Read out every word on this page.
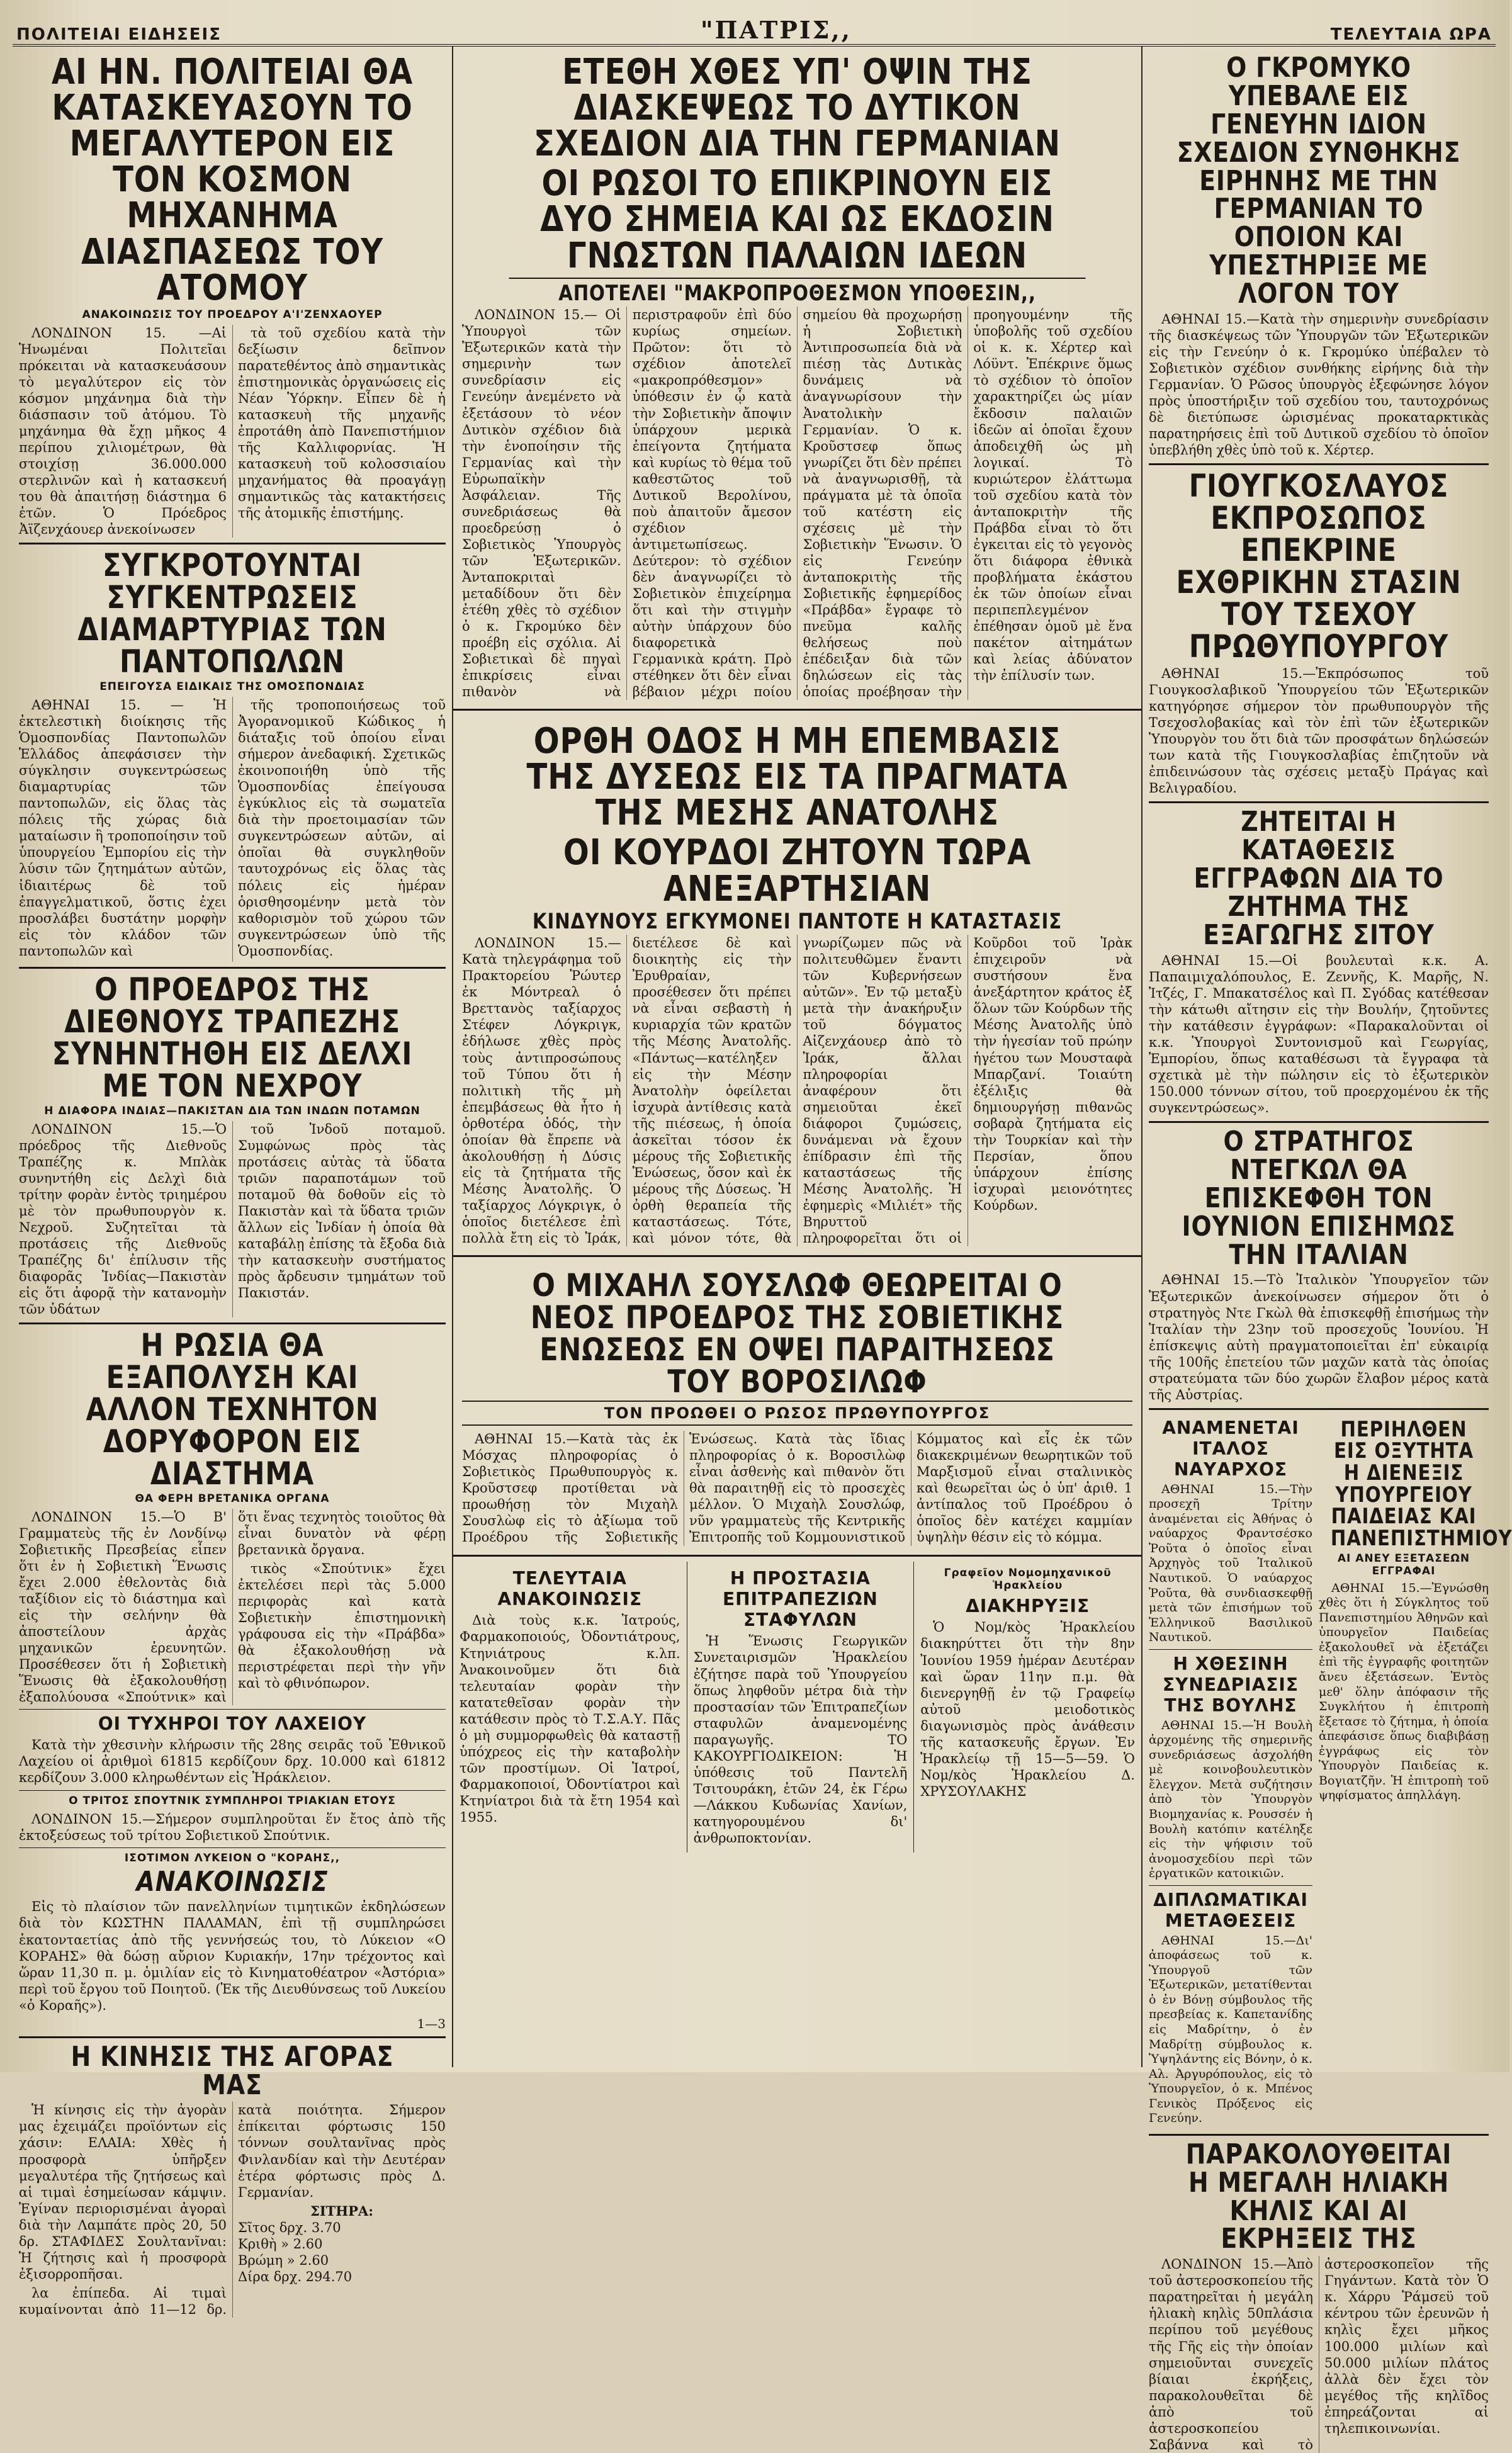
ΠΟΛΙΤΕΙΑΙ ΕΙΔΗΣΕΙΣ	"ΠΑΤΡΙΣ,,	ΤΕΛΕΥΤΑΙΑ ΩΡΑ
ΑΙ ΗΝ. ΠΟΛΙΤΕΙΑΙ ΘΑ ΚΑΤΑΣΚΕΥΑΣΟΥΝ ΤΟ ΜΕΓΑΛΥΤΕΡΟΝ ΕΙΣ ΤΟΝ ΚΟΣΜΟΝ ΜΗΧΑΝΗΜΑ ΔΙΑΣΠΑΣΕΩΣ ΤΟΥ ΑΤΟΜΟΥ
ΑΝΑΚΟΙΝΩΣΙΣ ΤΟΥ ΠΡΟΕΔΡΟΥ Α'Ι'ΖΕΝΧΑΟΥΕΡ

ΛΟΝΔΙΝΟΝ 15. —Αἱ Ἡνωμέναι Πολιτεῖαι πρόκειται νὰ κατασκευάσουν τὸ μεγαλύτερον εἰς τὸν κόσμον μηχάνημα διὰ τὴν διάσπασιν τοῦ ἀτόμου. Τὸ μηχάνημα θὰ ἔχῃ μῆκος 4 περίπου χιλιομέτρων, θὰ στοιχίσῃ 36.000.000 στερλινῶν καὶ ἡ κατασκευή του θὰ ἀπαιτήσῃ διάστημα 6 ἐτῶν. Ὁ Πρόεδρος Ἀϊζενχάουερ ἀνεκοίνωσεν

τὰ τοῦ σχεδίου κατὰ τὴν δεξίωσιν δεῖπνον παρατεθέντος ἀπὸ σημαντικὰς ἐπιστημονικὰς ὀργανώσεις εἰς Νέαν Ὑόρκην. Εἶπεν δὲ ἡ κατασκευὴ τῆς μηχανῆς ἐπροτάθη ἀπὸ Πανεπιστήμιον τῆς Καλλιφορνίας. Ἡ κατασκευὴ τοῦ κολοσσιαίου μηχανήματος θὰ προαγάγῃ σημαντικῶς τὰς κατακτήσεις τῆς ἀτομικῆς ἐπιστήμης.

ΣΥΓΚΡΟΤΟΥΝΤΑΙ ΣΥΓΚΕΝΤΡΩΣΕΙΣ ΔΙΑΜΑΡΤΥΡΙΑΣ ΤΩΝ ΠΑΝΤΟΠΩΛΩΝ
ΕΠΕΙΓΟΥΣΑ ΕΙΔΙΚΑΙΣ ΤΗΣ ΟΜΟΣΠΟΝΔΙΑΣ

ΑΘΗΝΑΙ 15. — Ἡ ἐκτελεστικὴ διοίκησις τῆς Ὁμοσπονδίας Παντοπωλῶν Ἑλλάδος ἀπεφάσισεν τὴν σύγκλησιν συγκεντρώσεως διαμαρτυρίας τῶν παντοπωλῶν, εἰς ὅλας τὰς πόλεις τῆς χώρας διὰ ματαίωσιν ἢ τροποποίησιν τοῦ ὑπουργείου Ἐμπορίου εἰς τὴν λύσιν τῶν ζητημάτων αὐτῶν, ἰδιαιτέρως δὲ τοῦ ἐπαγγελματικοῦ, ὅστις ἐχει προσλάβει δυστάτην μορφὴν εἰς τὸν κλάδον τῶν παντοπωλῶν καὶ

τῆς τροποποιήσεως τοῦ Ἀγορανομικοῦ Κώδικος ἡ διάταξις τοῦ ὁποίου εἶναι σήμερον ἀνεδαφική. Σχετικῶς ἐκοινοποιήθη ὑπὸ τῆς Ὁμοσπονδίας ἐπείγουσα ἐγκύκλιος εἰς τὰ σωματεῖα διὰ τὴν προετοιμασίαν τῶν συγκεντρώσεων αὐτῶν, αἱ ὁποῖαι θὰ συγκληθοῦν ταυτοχρόνως εἰς ὅλας τὰς πόλεις εἰς ἡμέραν ὁρισθησομένην μετὰ τὸν καθορισμὸν τοῦ χώρου τῶν συγκεντρώσεων ὑπὸ τῆς Ὁμοσπονδίας.

Ο ΠΡΟΕΔΡΟΣ ΤΗΣ ΔΙΕΘΝΟΥΣ ΤΡΑΠΕΖΗΣ ΣΥΝΗΝΤΗΘΗ ΕΙΣ ΔΕΛΧΙ ΜΕ ΤΟΝ ΝΕΧΡΟΥ
Η ΔΙΑΦΟΡΑ ΙΝΔΙΑΣ—ΠΑΚΙΣΤΑΝ ΔΙΑ ΤΩΝ ΙΝΔΩΝ ΠΟΤΑΜΩΝ

ΛΟΝΔΙΝΟΝ 15.—Ὁ πρόεδρος τῆς Διεθνοῦς Τραπέζης κ. Μπλὰκ συνηντήθη εἰς Δελχὶ διὰ τρίτην φορὰν ἐντὸς τριημέρου μὲ τὸν πρωθυπουργὸν κ. Νεχροῦ. Συζητεῖται τὰ προτάσεις τῆς Διεθνοῦς Τραπέζης δι' ἐπίλυσιν τῆς διαφορᾶς Ἰνδίας—Πακιστὰν εἰς ὅτι ἀφορᾷ τὴν κατανομὴν τῶν ὑδάτων

τοῦ Ἰνδοῦ ποταμοῦ. Συμφώνως πρὸς τὰς προτάσεις αὐτὰς τὰ ὕδατα τριῶν παραποτάμων τοῦ ποταμοῦ θὰ δοθοῦν εἰς τὸ Πακιστὰν καὶ τὰ ὕδατα τριῶν ἄλλων εἰς Ἰνδίαν ἡ ὁποία θὰ καταβάλῃ ἐπίσης τὰ ἔξοδα διὰ τὴν κατασκευὴν συστήματος πρὸς ἄρδευσιν τμημάτων τοῦ Πακιστάν.

Η ΡΩΣΙΑ ΘΑ ΕΞΑΠΟΛΥΣΗ ΚΑΙ ΑΛΛΟΝ ΤΕΧΝΗΤΟΝ ΔΟΡΥΦΟΡΟΝ ΕΙΣ ΔΙΑΣΤΗΜΑ
ΘΑ ΦΕΡΗ ΒΡΕΤΑΝΙΚΑ ΟΡΓΑΝΑ

ΛΟΝΔΙΝΟΝ 15.—Ὁ Β' Γραμματεὺς τῆς ἐν Λονδίνῳ Σοβιετικῆς Πρεσβείας εἶπεν ὅτι ἐν ἡ Σοβιετικὴ Ἕνωσις ἔχει 2.000 ἐθελοντὰς διὰ ταξίδιον εἰς τὸ διάστημα καὶ εἰς τὴν σελήνην θὰ ἀποστείλουν ἀρχὰς μηχανικῶν ἐρευνητῶν. Προσέθεσεν ὅτι ἡ Σοβιετικὴ Ἕνωσις θὰ ἐξακολουθήσῃ ἐξαπολύουσα «Σπούτνικ» καὶ ὅτι ἕνας τεχνητὸς τοιοῦτος θὰ εἶναι δυνατὸν νὰ φέρῃ βρετανικὰ ὄργανα.

τικὸς «Σπούτνικ» ἔχει ἐκτελέσει περὶ τὰς 5.000 περιφορὰς καὶ κατὰ Σοβιετικὴν ἐπιστημονικὴ γράφουσα εἰς τὴν «Πράβδα» θὰ ἐξακολουθήσῃ νὰ περιστρέφεται περὶ τὴν γῆν καὶ τὸ φθινόπωρον.

ΟΙ ΤΥΧΗΡΟΙ ΤΟΥ ΛΑΧΕΙΟΥ

Κατὰ τὴν χθεσινὴν κλήρωσιν τῆς 28ης σειρᾶς τοῦ Ἐθνικοῦ Λαχείου οἱ ἀριθμοὶ 61815 κερδίζουν δρχ. 10.000 καὶ 61812 κερδίζουν 3.000 κληρωθέντων εἰς Ἡράκλειον.

Ο ΤΡΙΤΟΣ ΣΠΟΥΤΝΙΚ ΣΥΜΠΛΗΡΟΙ ΤΡΙΑΚΙΑΝ ΕΤΟΥΣ

ΛΟΝΔΙΝΟΝ 15.—Σήμερον συμπληροῦται ἕν ἔτος ἀπὸ τῆς ἐκτοξεύσεως τοῦ τρίτου Σοβιετικοῦ Σπούτνικ.

ΙΣΟΤΙΜΟΝ ΛΥΚΕΙΟΝ Ο "ΚΟΡΑΗΣ,,
ΑΝΑΚΟΙΝΩΣΙΣ

Εἰς τὸ πλαίσιον τῶν πανελληνίων τιμητικῶν ἐκδηλώσεων διὰ τὸν ΚΩΣΤΗΝ ΠΑΛΑΜΑΝ, ἐπὶ τῇ συμπληρώσει ἑκατονταετίας ἀπὸ τῆς γεννήσεώς του, τὸ Λύκειον «Ο ΚΟΡΑΗΣ» θὰ δώσῃ αὔριον Κυριακήν, 17ην τρέχοντος καὶ ὥραν 11,30 π. μ. ὁμιλίαν εἰς τὸ Κινηματοθέατρον «Ἀστόρια» περὶ τοῦ ἔργου τοῦ Ποιητοῦ. (Ἐκ τῆς Διευθύνσεως τοῦ Λυκείου «ὁ Κοραῆς»).

1—3
Η ΚΙΝΗΣΙΣ ΤΗΣ ΑΓΟΡΑΣ ΜΑΣ

Ἡ κίνησις εἰς τὴν ἀγορὰν μας ἐχειμάζει προϊόντων εἰς χάσιν: ΕΛΑΙΑ: Χθὲς ἡ προσφορὰ ὑπῆρξεν μεγαλυτέρα τῆς ζητήσεως καὶ αἱ τιμαὶ ἐσημείωσαν κάμψιν. Ἐγίναν περιορισμέναι ἀγοραὶ διὰ τὴν Λαμπάτε πρὸς 20, 50 δρ. ΣΤΑΦΙΔΕΣ Σουλτανῖναι: Ἡ ζήτησις καὶ ἡ προσφορὰ ἐξισορροπῆσαι.

λα ἐπίπεδα. Αἱ τιμαὶ κυμαίνονται ἀπὸ 11—12 δρ. κατὰ ποιότητα. Σήμερον ἐπίκειται φόρτωσις 150 τόννων σουλτανῖνας πρὸς Φινλανδίαν καὶ τὴν Δευτέραν ἑτέρα φόρτωσις πρὸς Δ. Γερμανίαν.

ΣΙΤΗΡΑ:
Σῖτος δρχ. 3.70
Κριθὴ » 2.60
Βρώμη » 2.60
Δίρα δρχ. 294.70
ΕΤΕΘΗ ΧΘΕΣ ΥΠ' ΟΨΙΝ ΤΗΣ ΔΙΑΣΚΕΨΕΩΣ ΤΟ ΔΥΤΙΚΟΝ ΣΧΕΔΙΟΝ ΔΙΑ ΤΗΝ ΓΕΡΜΑΝΙΑΝ
ΟΙ ΡΩΣΟΙ ΤΟ ΕΠΙΚΡΙΝΟΥΝ ΕΙΣ ΔΥΟ ΣΗΜΕΙΑ ΚΑΙ ΩΣ ΕΚΔΟΣΙΝ ΓΝΩΣΤΩΝ ΠΑΛΑΙΩΝ ΙΔΕΩΝ
ΑΠΟΤΕΛΕΙ "ΜΑΚΡΟΠΡΟΘΕΣΜΟΝ ΥΠΟΘΕΣΙΝ,,

ΛΟΝΔΙΝΟΝ 15.— Οἱ Ὑπουργοὶ τῶν Ἐξωτερικῶν κατὰ τὴν σημερινὴν των συνεδρίασιν εἰς Γενεύην ἀνεμένετο νὰ ἐξετάσουν τὸ νέον Δυτικὸν σχέδιον διὰ τὴν ἑνοποίησιν τῆς Γερμανίας καὶ τὴν Εὐρωπαϊκὴν Ἀσφάλειαν. Τῆς συνεδριάσεως θὰ προεδρεύσῃ ὁ Σοβιετικὸς Ὑπουργὸς τῶν Ἐξωτερικῶν. Ἀνταποκριταὶ μεταδίδουν ὅτι δὲν ἐτέθη χθὲς τὸ σχέδιον ὁ κ. Γκρομύκο δὲν προέβη εἰς σχόλια. Αἱ Σοβιετικαὶ δὲ πηγαὶ ἐπικρίσεις εἶναι πιθανὸν νὰ περιστραφοῦν ἐπὶ δύο κυρίως σημείων. Πρῶτον: ὅτι τὸ σχέδιον ἀποτελεῖ «μακροπρόθεσμον» ὑπόθεσιν ἐν ᾧ κατὰ τὴν Σοβιετικὴν ἄποψιν ὑπάρχουν μερικὰ ἐπείγοντα ζητήματα καὶ κυρίως τὸ θέμα τοῦ καθεστῶτος τοῦ Δυτικοῦ Βερολίνου, ποὺ ἀπαιτοῦν ἄμεσον σχέδιον ἀντιμετωπίσεως. Δεύτερον: τὸ σχέδιον δὲν ἀναγνωρίζει τὸ Σοβιετικὸν ἐπιχείρημα ὅτι καὶ τὴν στιγμὴν αὐτὴν ὑπάρχουν δύο διαφορετικὰ Γερμανικὰ κράτη. Πρὸ στέθηκεν ὅτι δὲν εἶναι βέβαιον μέχρι ποίου σημείου θὰ προχωρήσῃ ἡ Σοβιετικὴ Ἀντιπροσωπεία διὰ νὰ πιέσῃ τὰς Δυτικὰς δυνάμεις νὰ ἀναγνωρίσουν τὴν Ἀνατολικὴν Γερμανίαν. Ὁ κ. Κροῦστσεφ ὅπως γνωρίζει ὅτι δὲν πρέπει νὰ ἀναγνωρισθῇ, τὰ πράγματα μὲ τὰ ὁποῖα τοῦ κατέστη εἰς σχέσεις μὲ τὴν Σοβιετικὴν Ἕνωσιν. Ὁ εἰς Γενεύην ἀνταποκριτὴς τῆς Σοβιετικῆς ἐφημερίδος «Πράβδα» ἔγραφε τὸ πνεῦμα καλῆς θελήσεως ποὺ ἐπέδειξαν διὰ τῶν δηλώσεων εἰς τὰς ὁποίας προέβησαν τὴν προηγουμένην τῆς ὑποβολῆς τοῦ σχεδίου οἱ κ. κ. Χέρτερ καὶ Λόϋντ. Ἐπέκρινε ὅμως τὸ σχέδιον τὸ ὁποῖον χαρακτηρίζει ὡς μίαν ἔκδοσιν παλαιῶν ἰδεῶν αἱ ὁποῖαι ἔχουν ἀποδειχθῆ ὡς μὴ λογικαί. Τὸ κυριώτερον ἐλάττωμα τοῦ σχεδίου κατὰ τὸν ἀνταποκριτὴν τῆς Πράβδα εἶναι τὸ ὅτι ἐγκειται εἰς τὸ γεγονὸς ὅτι διάφορα ἐθνικὰ προβλήματα ἑκάστου ἐκ τῶν ὁποίων εἶναι περιπεπλεγμένον ἐπέθησαν ὁμοῦ μὲ ἕνα πακέτον αἰτημάτων καὶ λείας ἀδύνατον τὴν ἐπίλυσίν των.

ΟΡΘΗ ΟΔΟΣ Η ΜΗ ΕΠΕΜΒΑΣΙΣ ΤΗΣ ΔΥΣΕΩΣ ΕΙΣ ΤΑ ΠΡΑΓΜΑΤΑ ΤΗΣ ΜΕΣΗΣ ΑΝΑΤΟΛΗΣ
ΟΙ ΚΟΥΡΔΟΙ ΖΗΤΟΥΝ ΤΩΡΑ ΑΝΕΞΑΡΤΗΣΙΑΝ
ΚΙΝΔΥΝΟΥΣ ΕΓΚΥΜΟΝΕΙ ΠΑΝΤΟΤΕ Η ΚΑΤΑΣΤΑΣΙΣ

ΛΟΝΔΙΝΟΝ 15.—Κατὰ τηλεγράφημα τοῦ Πρακτορείου Ῥώυτερ ἐκ Μόντρεαλ ὁ Βρεττανὸς ταξίαρχος Στέφεν Λόγκριγκ, ἐδήλωσε χθὲς πρὸς τοὺς ἀντιπροσώπους τοῦ Τύπου ὅτι ἡ πολιτικὴ τῆς μὴ ἐπεμβάσεως θὰ ἦτο ἡ ὀρθοτέρα ὁδός, τὴν ὁποίαν θὰ ἔπρεπε νὰ ἀκολουθήσῃ ἡ Δύσις εἰς τὰ ζητήματα τῆς Μέσης Ἀνατολῆς. Ὁ ταξίαρχος Λόγκριγκ, ὁ ὁποῖος διετέλεσε ἐπὶ πολλὰ ἔτη εἰς τὸ Ἰράκ, διετέλεσε δὲ καὶ διοικητὴς εἰς τὴν Ἐρυθραίαν, προσέθεσεν ὅτι πρέπει νὰ εἶναι σεβαστὴ ἡ κυριαρχία τῶν κρατῶν τῆς Μέσης Ἀνατολῆς. «Πάντως—κατέληξεν εἰς τὴν Μέσην Ἀνατολὴν ὁφείλεται ἰσχυρὰ ἀντίθεσις κατὰ τῆς πιέσεως, ἡ ὁποία ἀσκεῖται τόσον ἐκ μέρους τῆς Σοβιετικῆς Ἑνώσεως, ὅσον καὶ ἐκ μέρους τῆς Δύσεως. Ἡ ὀρθὴ θεραπεία τῆς καταστάσεως. Τότε, καὶ μόνον τότε, θὰ γνωρίζωμεν πῶς νὰ πολιτευθῶμεν ἔναντι τῶν Κυβερνήσεων αὐτῶν». Ἐν τῷ μεταξὺ μετὰ τὴν ἀνακήρυξιν τοῦ δόγματος Αἰζενχάουερ ἀπὸ τὸ Ἰράκ, ἄλλαι πληροφορίαι ἀναφέρουν ὅτι σημειοῦται ἐκεῖ διάφοροι ζυμώσεις, δυνάμεναι νὰ ἔχουν ἐπίδρασιν ἐπὶ τῆς καταστάσεως τῆς Μέσης Ἀνατολῆς. Ἡ ἐφημερὶς «Μιλιέτ» τῆς Βηρυττοῦ πληροφορεῖται ὅτι οἱ Κοῦρδοι τοῦ Ἰρὰκ ἐπιχειροῦν νὰ συστήσουν ἕνα ἀνεξάρτητον κράτος ἐξ ὅλων τῶν Κούρδων τῆς Μέσης Ἀνατολῆς ὑπὸ τὴν ἡγεσίαν τοῦ πρώην ἡγέτου των Μουσταφὰ Μπαρζανί. Τοιαύτη ἐξέλιξις θὰ δημιουργήσῃ πιθανῶς σοβαρὰ ζητήματα εἰς τὴν Τουρκίαν καὶ τὴν Περσίαν, ὅπου ὑπάρχουν ἐπίσης ἰσχυραὶ μειονότητες Κούρδων.

Ο ΜΙΧΑΗΛ ΣΟΥΣΛΩΦ ΘΕΩΡΕΙΤΑΙ Ο ΝΕΟΣ ΠΡΟΕΔΡΟΣ ΤΗΣ ΣΟΒΙΕΤΙΚΗΣ ΕΝΩΣΕΩΣ ΕΝ ΟΨΕΙ ΠΑΡΑΙΤΗΣΕΩΣ ΤΟΥ ΒΟΡΟΣΙΛΩΦ
ΤΟΝ ΠΡΟΩΘΕΙ Ο ΡΩΣΟΣ ΠΡΩΘΥΠΟΥΡΓΟΣ

ΑΘΗΝΑΙ 15.—Κατὰ τὰς ἐκ Μόσχας πληροφορίας ὁ Σοβιετικὸς Πρωθυπουργὸς κ. Κροῦστσεφ προτίθεται νὰ προωθήσῃ τὸν Μιχαὴλ Σουσλὼφ εἰς τὸ ἀξίωμα τοῦ Προέδρου τῆς Σοβιετικῆς Ἑνώσεως. Κατὰ τὰς ἴδιας πληροφορίας ὁ κ. Βοροσιλὼφ εἶναι ἀσθενὴς καὶ πιθανὸν ὅτι θὰ παραιτηθῇ εἰς τὸ προσεχὲς μέλλον. Ὁ Μιχαὴλ Σουσλώφ, νῦν γραμματεὺς τῆς Κεντρικῆς Ἐπιτροπῆς τοῦ Κομμουνιστικοῦ Κόμματος καὶ εἷς ἐκ τῶν διακεκριμένων θεωρητικῶν τοῦ Μαρξισμοῦ εἶναι σταλινικὸς καὶ θεωρεῖται ὡς ὁ ὑπ' ἀριθ. 1 ἀντίπαλος τοῦ Προέδρου ὁ ὁποῖος δὲν κατέχει καμμίαν ὑψηλὴν θέσιν εἰς τὸ κόμμα.

ΤΕΛΕΥΤΑΙΑ ΑΝΑΚΟΙΝΩΣΙΣ

Διὰ τοὺς κ.κ. Ἰατρούς, Φαρμακοποιούς, Ὀδοντιάτρους, Κτηνιάτρους κ.λπ. Ἀνακοινοῦμεν ὅτι διὰ τελευταίαν φορὰν τὴν κατατεθεῖσαν φορὰν τὴν κατάθεσιν πρὸς τὸ Τ.Σ.Α.Υ. Πᾶς ὁ μὴ συμμορφωθεὶς θὰ καταστῇ ὑπόχρεος εἰς τὴν καταβολὴν τῶν προστίμων. Οἱ Ἰατροί, Φαρμακοποιοί, Ὀδοντίατροι καὶ Κτηνίατροι διὰ τὰ ἔτη 1954 καὶ 1955.

Η ΠΡΟΣΤΑΣΙΑ ΕΠΙΤΡΑΠΕΖΙΩΝ ΣΤΑΦΥΛΩΝ

Ἡ Ἕνωσις Γεωργικῶν Συνεταιρισμῶν Ἡρακλείου ἐζήτησε παρὰ τοῦ Ὑπουργείου ὅπως ληφθοῦν μέτρα διὰ τὴν προστασίαν τῶν Ἐπιτραπεζίων σταφυλῶν ἀναμενομένης παραγωγῆς. ΤΟ ΚΑΚΟΥΡΓΙΟΔΙΚΕΙΟΝ: Ἡ ὑπόθεσις τοῦ Παντελῆ Τσιτουράκη, ἐτῶν 24, ἐκ Γέρω—Λάκκου Κυδωνίας Χανίων, κατηγορουμένου δι' ἀνθρωποκτονίαν.

Γραφεῖον Νομομηχανικοῦ Ἡρακλείου
ΔΙΑΚΗΡΥΞΙΣ

Ὁ Νομ/κὸς Ἡρακλείου διακηρύττει ὅτι τὴν 8ην Ἰουνίου 1959 ἡμέραν Δευτέραν καὶ ὥραν 11ην π.μ. θὰ διενεργηθῇ ἐν τῷ Γραφείῳ αὐτοῦ μειοδοτικὸς διαγωνισμὸς πρὸς ἀνάθεσιν τῆς κατασκευῆς ἔργων. Ἐν Ἡρακλείῳ τῇ 15—5—59. Ὁ Νομ/κὸς Ἡρακλείου Δ. ΧΡΥΣΟΥΛΑΚΗΣ

Ο ΓΚΡΟΜΥΚΟ ΥΠΕΒΑΛΕ ΕΙΣ ΓΕΝΕΥΗΝ ΙΔΙΟΝ ΣΧΕΔΙΟΝ ΣΥΝΘΗΚΗΣ ΕΙΡΗΝΗΣ ΜΕ ΤΗΝ ΓΕΡΜΑΝΙΑΝ ΤΟ ΟΠΟΙΟΝ ΚΑΙ ΥΠΕΣΤΗΡΙΞΕ ΜΕ ΛΟΓΟΝ ΤΟΥ

ΑΘΗΝΑΙ 15.—Κατὰ τὴν σημερινὴν συνεδρίασιν τῆς διασκέψεως τῶν Ὑπουργῶν τῶν Ἐξωτερικῶν εἰς τὴν Γενεύην ὁ κ. Γκρομύκο ὑπέβαλεν τὸ Σοβιετικὸν σχέδιον συνθήκης εἰρήνης διὰ τὴν Γερμανίαν. Ὁ Ρῶσος ὑπουργὸς ἐξεφώνησε λόγον πρὸς ὑποστήριξιν τοῦ σχεδίου του, ταυτοχρόνως δὲ διετύπωσε ὡρισμένας προκαταρκτικὰς παρατηρήσεις ἐπὶ τοῦ Δυτικοῦ σχεδίου τὸ ὁποῖον ὑπεβλήθη χθὲς ὑπὸ τοῦ κ. Χέρτερ.

ΓΙΟΥΓΚΟΣΛΑΥΟΣ ΕΚΠΡΟΣΩΠΟΣ ΕΠΕΚΡΙΝΕ ΕΧΘΡΙΚΗΝ ΣΤΑΣΙΝ ΤΟΥ ΤΣΕΧΟΥ ΠΡΩΘΥΠΟΥΡΓΟΥ

ΑΘΗΝΑΙ 15.—Ἐκπρόσωπος τοῦ Γιουγκοσλαβικοῦ Ὑπουργείου τῶν Ἐξωτερικῶν κατηγόρησε σήμερον τὸν πρωθυπουργὸν τῆς Τσεχοσλοβακίας καὶ τὸν ἐπὶ τῶν ἐξωτερικῶν Ὑπουργὸν του ὅτι διὰ τῶν προσφάτων δηλώσεών των κατὰ τῆς Γιουγκοσλαβίας ἐπιζητοῦν νὰ ἐπιδεινώσουν τὰς σχέσεις μεταξὺ Πράγας καὶ Βελιγραδίου.

ΖΗΤΕΙΤΑΙ Η ΚΑΤΑΘΕΣΙΣ ΕΓΓΡΑΦΩΝ ΔΙΑ ΤΟ ΖΗΤΗΜΑ ΤΗΣ ΕΞΑΓΩΓΗΣ ΣΙΤΟΥ

ΑΘΗΝΑΙ 15.—Οἱ βουλευταὶ κ.κ. Α. Παπαιμιχαλόπουλος, Ε. Ζεννῆς, Κ. Μαρῆς, Ν. Ἰτζές, Γ. Μπακατσέλος καὶ Π. Σγόδας κατέθεσαν τὴν κάτωθι αἴτησιν εἰς τὴν Βουλήν, ζητοῦντες τὴν κατάθεσιν ἐγγράφων: «Παρακαλοῦνται οἱ κ.κ. Ὑπουργοὶ Συντονισμοῦ καὶ Γεωργίας, Ἐμπορίου, ὅπως καταθέσωσι τὰ ἔγγραφα τὰ σχετικὰ μὲ τὴν πώλησιν εἰς τὸ ἐξωτερικὸν 150.000 τόννων σίτου, τοῦ προερχομένου ἐκ τῆς συγκεντρώσεως».

Ο ΣΤΡΑΤΗΓΟΣ ΝΤΕΓΚΩΛ ΘΑ ΕΠΙΣΚΕΦΘΗ ΤΟΝ ΙΟΥΝΙΟΝ ΕΠΙΣΗΜΩΣ ΤΗΝ ΙΤΑΛΙΑΝ

ΑΘΗΝΑΙ 15.—Τὸ Ἰταλικὸν Ὑπουργεῖον τῶν Ἐξωτερικῶν ἀνεκοίνωσεν σήμερον ὅτι ὁ στρατηγὸς Ντε Γκὼλ θὰ ἐπισκεφθῇ ἐπισήμως τὴν Ἰταλίαν τὴν 23ην τοῦ προσεχοῦς Ἰουνίου. Ἡ ἐπίσκεψις αὐτὴ πραγματοποιεῖται ἐπ' εὐκαιρίᾳ τῆς 100ῆς ἐπετείου τῶν μαχῶν κατὰ τὰς ὁποίας στρατεύματα τῶν δύο χωρῶν ἔλαβον μέρος κατὰ τῆς Αὐστρίας.

ΑΝΑΜΕΝΕΤΑΙ ΙΤΑΛΟΣ ΝΑΥΑΡΧΟΣ

ΑΘΗΝΑΙ 15.—Τὴν προσεχῆ Τρίτην ἀναμένεται εἰς Ἀθήνας ὁ ναύαρχος Φραντσέσκο Ῥοῦτα ὁ ὁποῖος εἶναι Ἀρχηγὸς τοῦ Ἰταλικοῦ Ναυτικοῦ. Ὁ ναύαρχος Ῥοῦτα, θὰ συνδιασκεφθῇ μετὰ τῶν ἐπισήμων τοῦ Ἑλληνικοῦ Βασιλικοῦ Ναυτικοῦ.

Η ΧΘΕΣΙΝΗ ΣΥΝΕΔΡΙΑΣΙΣ ΤΗΣ ΒΟΥΛΗΣ

ΑΘΗΝΑΙ 15.—Ἡ Βουλὴ ἀρχομένης τῆς σημερινῆς συνεδριάσεως ἀσχολήθη μὲ κοινοβουλευτικὸν ἔλεγχον. Μετὰ συζήτησιν ἀπὸ τὸν Ὑπουργὸν Βιομηχανίας κ. Ρουσσέν ἡ Βουλὴ κατόπιν κατέληξε εἰς τὴν ψήφισιν τοῦ ἀνομοσχεδίου περὶ τῶν ἐργατικῶν κατοικιῶν.

ΔΙΠΛΩΜΑΤΙΚΑΙ ΜΕΤΑΘΕΣΕΙΣ

ΑΘΗΝΑΙ 15.—Δι' ἀποφάσεως τοῦ κ. Ὑπουργοῦ τῶν Ἐξωτερικῶν, μετατίθενται ὁ ἐν Βόνῃ σύμβουλος τῆς πρεσβείας κ. Καπετανίδης εἰς Μαδρίτην, ὁ ἐν Μαδρίτῃ σύμβουλος κ. Ὑψηλάντης εἰς Βόνην, ὁ κ. Αλ. Ἀργυρόπουλος, εἰς τὸ Ὑπουργεῖον, ὁ κ. Μπένος Γενικὸς Πρόξενος εἰς Γενεύην.

ΠΕΡΙΗΛΘΕΝ ΕΙΣ ΟΞΥΤΗΤΑ Η ΔΙΕΝΕΞΙΣ ΥΠΟΥΡΓΕΙΟΥ ΠΑΙΔΕΙΑΣ ΚΑΙ ΠΑΝΕΠΙΣΤΗΜΙΟΥ
ΑΙ ΑΝΕΥ ΕΞΕΤΑΣΕΩΝ ΕΓΓΡΑΦΑΙ

ΑΘΗΝΑΙ 15.—Ἐγνώσθη χθὲς ὅτι ἡ Σύγκλητος τοῦ Πανεπιστημίου Ἀθηνῶν καὶ ὑπουργεῖον Παιδείας ἐξακολουθεῖ νὰ ἐξετάζει ἐπὶ τῆς ἐγγραφῆς φοιτητῶν ἄνευ ἐξετάσεων. Ἐντὸς μεθ' ὅλην ἀπόφασιν τῆς Συγκλήτου ἡ ἐπιτροπὴ ἔξετασε τὸ ζήτημα, ἡ ὁποία ἀπεφάσισε ὅπως διαβιβάσῃ ἐγγράφως εἰς τὸν Ὑπουργὸν Παιδείας κ. Βογιατζῆν. Ἡ ἐπιτροπὴ τοῦ ψηφίσματος ἀπηλλάγη.

ΠΑΡΑΚΟΛΟΥΘΕΙΤΑΙ Η ΜΕΓΑΛΗ ΗΛΙΑΚΗ ΚΗΛΙΣ ΚΑΙ ΑΙ ΕΚΡΗΞΕΙΣ ΤΗΣ

ΛΟΝΔΙΝΟΝ 15.—Ἀπὸ τοῦ ἀστεροσκοπείου τῆς παρατηρεῖται ἡ μεγάλη ἡλιακὴ κηλὶς 50πλάσια περίπου τοῦ μεγέθους τῆς Γῆς εἰς τὴν ὁποίαν σημειοῦνται συνεχεῖς βίαιαι ἐκρήξεις, παρακολουθεῖται δὲ ἀπὸ τοῦ ἀστεροσκοπείου Σαβάννα καὶ τὸ ἀστεροσκοπεῖον τῆς Γηγάντων. Κατὰ τὸν Ὁ κ. Χάρρυ Ῥάμσεϋ τοῦ κέντρου τῶν ἐρευνῶν ἡ κηλὶς ἔχει μῆκος 100.000 μιλίων καὶ 50.000 μιλίων πλάτος ἀλλὰ δὲν ἔχει τὸν μεγέθος τῆς κηλῖδος ἐπηρεάζονται αἱ τηλεπικοινωνίαι.
